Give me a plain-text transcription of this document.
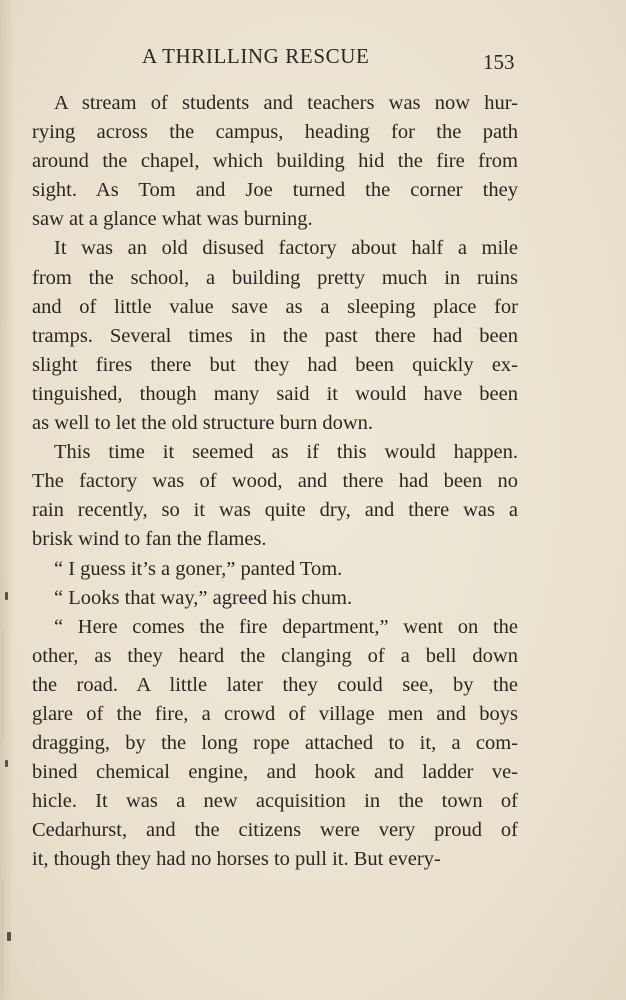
A THRILLING RESCUE	153
A stream of students and teachers was now hur-
rying across the campus, heading for the path
around the chapel, which building hid the fire from
sight. As Tom and Joe turned the corner they
saw at a glance what was burning.
It was an old disused factory about half a mile
from the school, a building pretty much in ruins
and of little value save as a sleeping place for
tramps. Several times in the past there had been
slight fires there but they had been quickly ex-
tinguished, though many said it would have been
as well to let the old structure burn down.
This time it seemed as if this would happen.
The factory was of wood, and there had been no
rain recently, so it was quite dry, and there was a
brisk wind to fan the flames.
“ I guess it’s a goner,” panted Tom.
“ Looks that way,” agreed his chum.
“ Here comes the fire department,” went on the
other, as they heard the clanging of a bell down
the road. A little later they could see, by the
glare of the fire, a crowd of village men and boys
dragging, by the long rope attached to it, a com-
bined chemical engine, and hook and ladder ve-
hicle. It was a new acquisition in the town of
Cedarhurst, and the citizens were very proud of
it, though they had no horses to pull it. But every-
